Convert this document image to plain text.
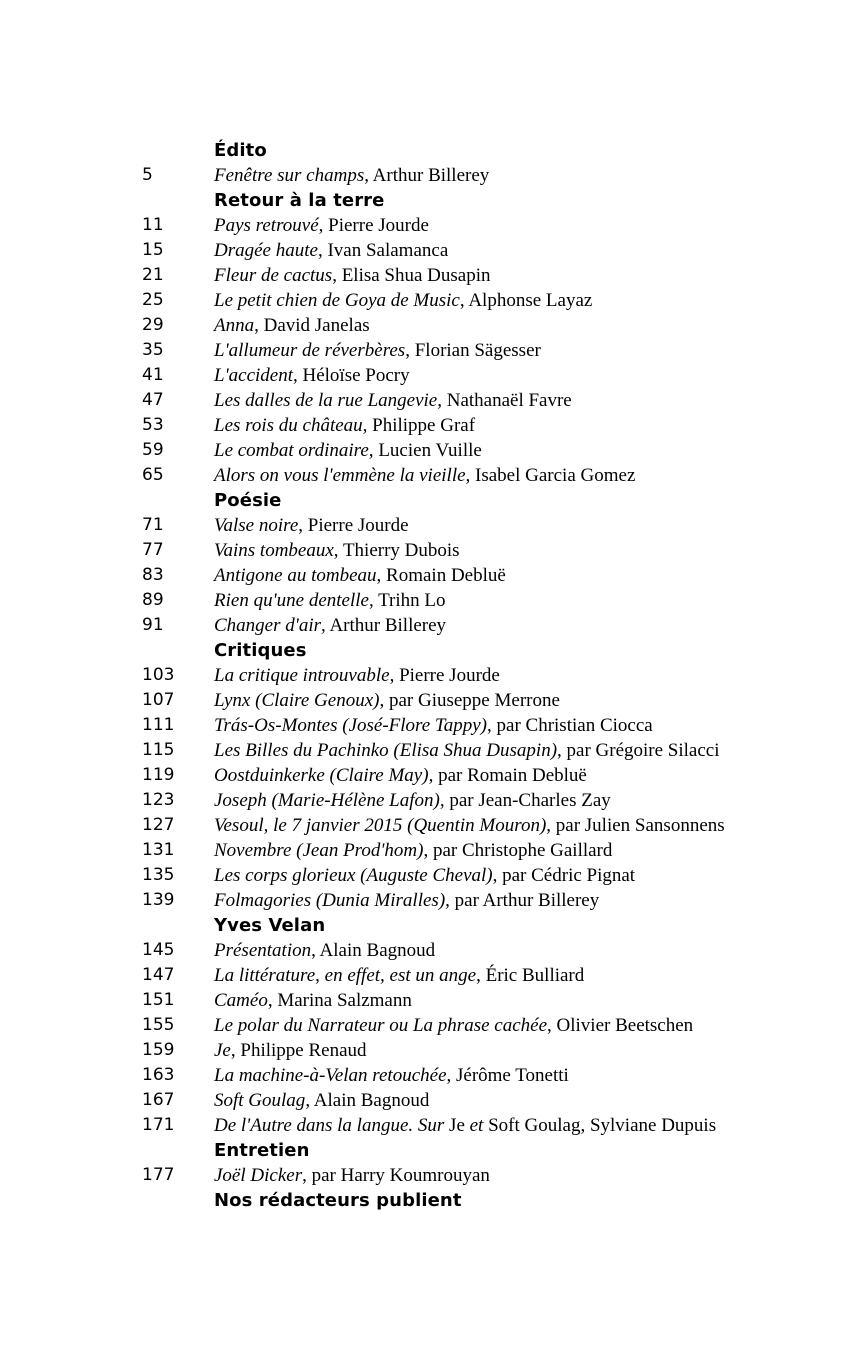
Édito
5	Fenêtre sur champs, Arthur Billerey
Retour à la terre
11	Pays retrouvé, Pierre Jourde
15	Dragée haute, Ivan Salamanca
21	Fleur de cactus, Elisa Shua Dusapin
25	Le petit chien de Goya de Music, Alphonse Layaz
29	Anna, David Janelas
35	L'allumeur de réverbères, Florian Sägesser
41	L'accident, Héloïse Pocry
47	Les dalles de la rue Langevie, Nathanaël Favre
53	Les rois du château, Philippe Graf
59	Le combat ordinaire, Lucien Vuille
65	Alors on vous l'emmène la vieille, Isabel Garcia Gomez
Poésie
71	Valse noire, Pierre Jourde
77	Vains tombeaux, Thierry Dubois
83	Antigone au tombeau, Romain Debluë
89	Rien qu'une dentelle, Trihn Lo
91	Changer d'air, Arthur Billerey
Critiques
103 La critique introuvable, Pierre Jourde
107 Lynx (Claire Genoux), par Giuseppe Merrone
111 Trás-Os-Montes (José-Flore Tappy), par Christian Ciocca
115 Les Billes du Pachinko (Elisa Shua Dusapin), par Grégoire Silacci
119 Oostduinkerke (Claire May), par Romain Debluë
123 Joseph (Marie-Hélène Lafon), par Jean-Charles Zay
127 Vesoul, le 7 janvier 2015 (Quentin Mouron), par Julien Sansonnens
131 Novembre (Jean Prod'hom), par Christophe Gaillard
135 Les corps glorieux (Auguste Cheval), par Cédric Pignat
139 Folmagories (Dunia Miralles), par Arthur Billerey
Yves Velan
145 Présentation, Alain Bagnoud
147 La littérature, en effet, est un ange, Éric Bulliard
151 Caméo, Marina Salzmann
155 Le polar du Narrateur ou La phrase cachée, Olivier Beetschen
159 Je, Philippe Renaud
163 La machine-à-Velan retouchée, Jérôme Tonetti
167 Soft Goulag, Alain Bagnoud
171 De l'Autre dans la langue. Sur Je et Soft Goulag, Sylviane Dupuis
Entretien
177 Joël Dicker, par Harry Koumrouyan
Nos rédacteurs publient
